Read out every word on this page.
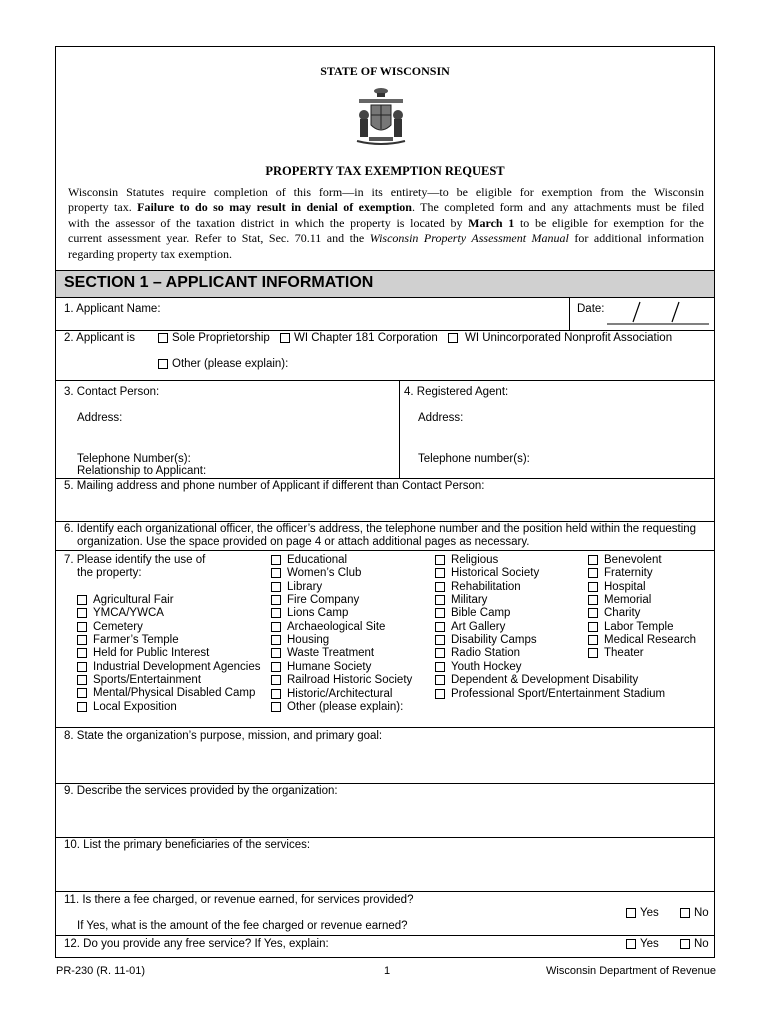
STATE OF WISCONSIN
PROPERTY TAX EXEMPTION REQUEST
Wisconsin Statutes require completion of this form—in its entirety—to be eligible for exemption from the Wisconsin
property tax. Failure to do so may result in denial of exemption. The completed form and any attachments must be filed
with the assessor of the taxation district in which the property is located by March 1 to be eligible for exemption for the
current assessment year. Refer to Stat, Sec. 70.11 and the Wisconsin Property Assessment Manual for additional information
regarding property tax exemption.
SECTION 1 – APPLICANT INFORMATION
1. Applicant Name:	Date:
2. Applicant is	Sole Proprietorship WI Chapter 181 Corporation WI Unincorporated Nonprofit Association
Other (please explain):
3. Contact Person:
Address:
Telephone Number(s):
Relationship to Applicant:
4. Registered Agent:
Address:
Telephone number(s):
5. Mailing address and phone number of Applicant if different than Contact Person:
6. Identify each organizational officer, the officer’s address, the telephone number and the position held within the requesting
organization. Use the space provided on page 4 or attach additional pages as necessary.
7. Please identify the use of
the property:
Agricultural Fair
YMCA/YWCA
Cemetery
Farmer’s Temple
Held for Public Interest
Industrial Development Agencies
Sports/Entertainment
Mental/Physical Disabled Camp
Local Exposition
Educational
Women’s Club
Library
Fire Company
Lions Camp
Archaeological Site
Housing
Waste Treatment
Humane Society
Railroad Historic Society
Historic/Architectural
Other (please explain):
Religious
Historical Society
Rehabilitation
Military
Bible Camp
Art Gallery
Disability Camps
Radio Station
Youth Hockey
Dependent & Development Disability
Professional Sport/Entertainment Stadium
Benevolent
Fraternity
Hospital
Memorial
Charity
Labor Temple
Medical Research
Theater
8. State the organization’s purpose, mission, and primary goal:
9. Describe the services provided by the organization:
10. List the primary beneficiaries of the services:
11. Is there a fee charged, or revenue earned, for services provided?
Yes	No
If Yes, what is the amount of the fee charged or revenue earned?
12. Do you provide any free service? If Yes, explain:	Yes	No
PR-230 (R. 11-01)	1	Wisconsin Department of Revenue
